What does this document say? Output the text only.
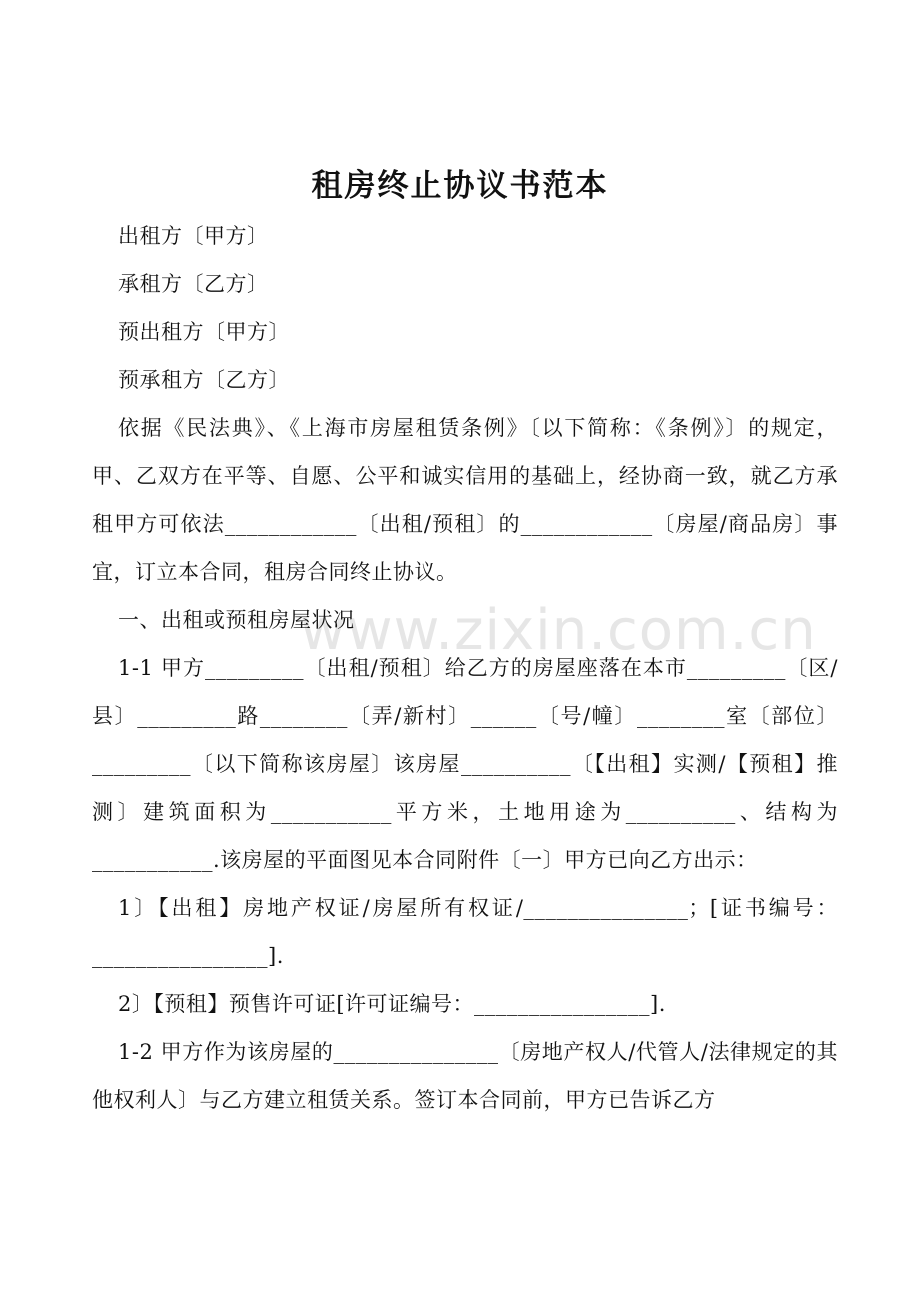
www.zixin.com.cn
租房终止协议书范本

出租方〔甲方〕

承租方〔乙方〕

预出租方〔甲方〕

预承租方〔乙方〕

依据《民法典》、《上海市房屋租赁条例》〔以下简称：《条例》〕的规定，甲、乙双方在平等、自愿、公平和诚实信用的基础上，经协商一致，就乙方承租甲方可依法____________〔出租/预租〕的____________〔房屋/商品房〕事宜，订立本合同，租房合同终止协议。

一、出租或预租房屋状况

1-1 甲方_________〔出租/预租〕给乙方的房屋座落在本市_________〔区/县〕_________路________〔弄/新村〕______〔号/幢〕________室〔部位〕_________〔以下简称该房屋〕该房屋__________〔【出租】实测/【预租】推测〕建筑面积为___________平方米，土地用途为__________、结构为___________.该房屋的平面图见本合同附件〔一〕甲方已向乙方出示：

1〕【出租】房地产权证/房屋所有权证/_______________；[证书编号：________________].

2〕【预租】预售许可证[许可证编号：________________].

1-2 甲方作为该房屋的_______________〔房地产权人/代管人/法律规定的其他权利人〕与乙方建立租赁关系。签订本合同前，甲方已告诉乙方
